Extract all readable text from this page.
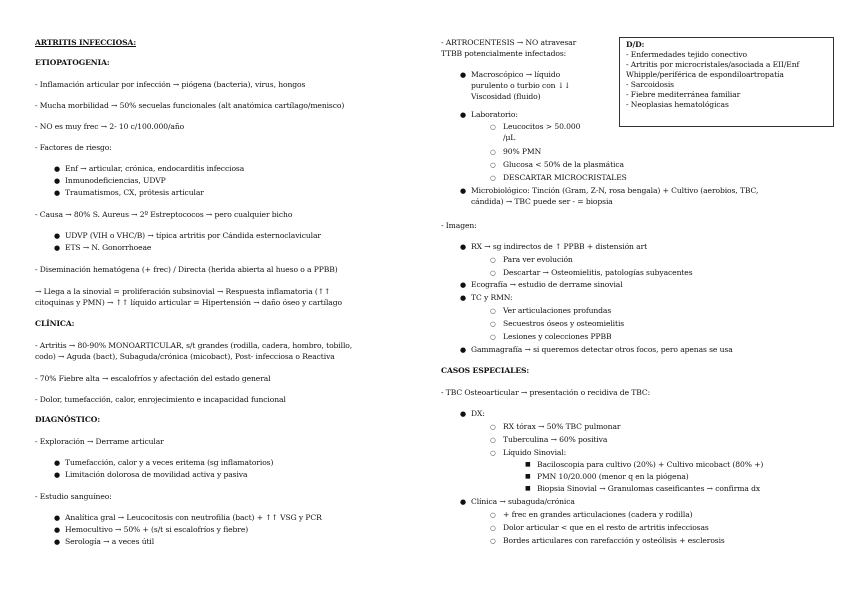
ARTRITIS INFECCIOSA:
ETIOPATOGENIA:
- Inflamación articular por infección → piógena (bacteria), virus, hongos
- Mucha morbilidad → 50% secuelas funcionales (alt anatómica cartílago/menisco)
- NO es muy frec → 2- 10 c/100.000/año
- Factores de riesgo:
● Enf → articular, crónica, endocarditis infecciosa
● Inmunodeficiencias, UDVP
● Traumatismos, CX, prótesis articular
- Causa → 80% S. Aureus → 2º Estreptococos → pero cualquier bicho
● UDVP (VIH o VHC/B) → típica artritis por Cándida esternoclavicular
● ETS → N. Gonorrhoeae
- Diseminación hematógena (+ frec) / Directa (herida abierta al hueso o a PPBB)
→ Llega a la sinovial = proliferación subsinovial → Respuesta inflamatoria (↑↑
citoquinas y PMN) → ↑↑ líquido articular = Hipertensión → daño óseo y cartílago
CLÍNICA:
- Artritis → 80-90% MONOARTICULAR, s/t grandes (rodilla, cadera, hombro, tobillo,
codo) → Aguda (bact), Subaguda/crónica (micobact), Post- infecciosa o Reactiva
- 70% Fiebre alta → escalofríos y afectación del estado general
- Dolor, tumefacción, calor, enrojecimiento e incapacidad funcional
DIAGNÓSTICO:
- Exploración → Derrame articular
● Tumefacción, calor y a veces eritema (sg inflamatorios)
● Limitación dolorosa de movilidad activa y pasiva
- Estudio sanguíneo:
● Analítica gral → Leucocitosis con neutrofilia (bact) + ↑↑ VSG y PCR
● Hemocultivo → 50% + (s/t si escalofríos y fiebre)
● Serología → a veces útil
- ARTROCENTESIS → NO atravesar
TTBB potencialmente infectados:
● Macroscópico → líquido
purulento o turbio con ↓↓
Viscosidad (fluido)
● Laboratorio:
○ Leucocitos > 50.000
/μL
○ 90% PMN
○ Glucosa < 50% de la plasmática
○ DESCARTAR MICROCRISTALES
● Microbiológico: Tinción (Gram, Z-N, rosa bengala) + Cultivo (aerobios, TBC,
cándida) → TBC puede ser - = biopsia
- Imagen:
● RX → sg indirectos de ↑ PPBB + distensión art
○ Para ver evolución
○ Descartar → Osteomielitis, patologías subyacentes
● Ecografía → estudio de derrame sinovial
● TC y RMN:
○ Ver articulaciones profundas
○ Secuestros óseos y osteomielitis
○ Lesiones y colecciones PPBB
● Gammagrafía → si queremos detectar otros focos, pero apenas se usa
CASOS ESPECIALES:
- TBC Osteoarticular → presentación o recidiva de TBC:
● DX:
○ RX tórax → 50% TBC pulmonar
○ Tuberculina → 60% positiva
○ Líquido Sinovial:
■ Baciloscopia para cultivo (20%) + Cultivo micobact (80% +)
■ PMN 10/20.000 (menor q en la piógena)
■ Biopsia Sinovial → Granulomas caseificantes → confirma dx
● Clínica → subaguda/crónica
○ + frec en grandes articulaciones (cadera y rodilla)
○ Dolor articular < que en el resto de artritis infecciosas
○ Bordes articulares con rarefacción y osteólisis + esclerosis
D/D:
- Enfermedades tejido conectivo
- Artritis por microcristales/asociada a EII/Enf
Whipple/periférica de espondiloartropatía
- Sarcoidosis
- Fiebre mediterránea familiar
- Neoplasias hematológicas
